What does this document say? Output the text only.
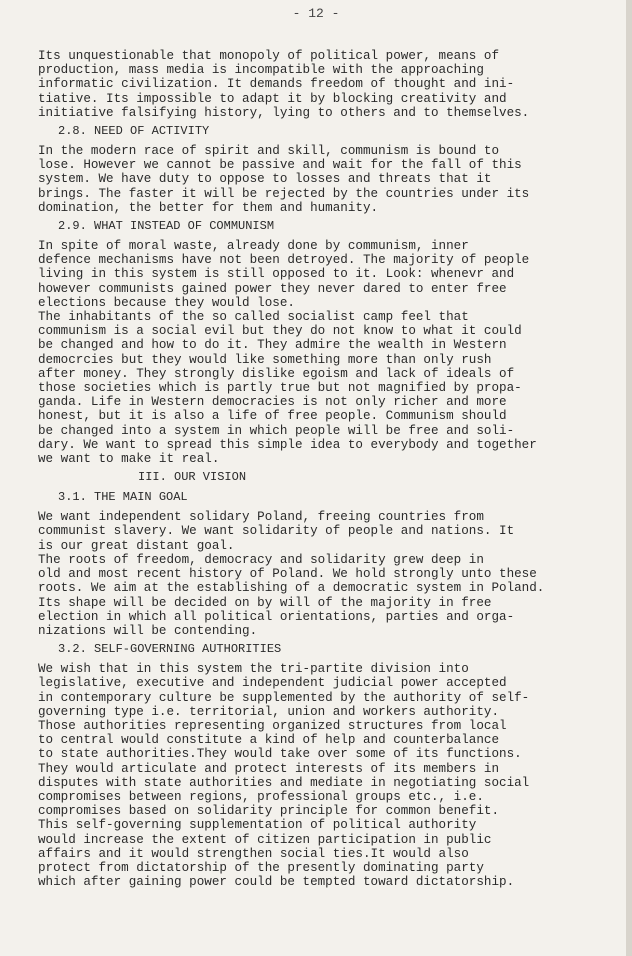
- 12 -
Its unquestionable that monopoly of political power, means of
production, mass media is incompatible with the approaching
informatic civilization. It demands freedom of thought and ini-
tiative. Its impossible to adapt it by blocking creativity and
initiative falsifying history, lying to others and to themselves.
2.8. NEED OF ACTIVITY
In the modern race of spirit and skill, communism is bound to
lose. However we cannot be passive and wait for the fall of this
system. We have duty to oppose to losses and threats that it
brings. The faster it will be rejected by the countries under its
domination, the better for them and humanity.
2.9. WHAT INSTEAD OF COMMUNISM
In spite of moral waste, already done by communism, inner
defence mechanisms have not been detroyed. The majority of people
living in this system is still opposed to it. Look: whenevr and
however communists gained power they never dared to enter free
elections because they would lose.
The inhabitants of the so called socialist camp feel that
communism is a social evil but they do not know to what it could
be changed and how to do it. They admire the wealth in Western
democrcies but they would like something more than only rush
after money. They strongly dislike egoism and lack of ideals of
those societies which is partly true but not magnified by propa-
ganda. Life in Western democracies is not only richer and more
honest, but it is also a life of free people. Communism should
be changed into a system in which people will be free and soli-
dary. We want to spread this simple idea to everybody and together
we want to make it real.
III. OUR VISION
3.1. THE MAIN GOAL
We want independent solidary Poland, freeing countries from
communist slavery. We want solidarity of people and nations. It
is our great distant goal.
The roots of freedom, democracy and solidarity grew deep in
old and most recent history of Poland. We hold strongly unto these
roots. We aim at the establishing of a democratic system in Poland.
Its shape will be decided on by will of the majority in free
election in which all political orientations, parties and orga-
nizations will be contending.
3.2. SELF-GOVERNING AUTHORITIES
We wish that in this system the tri-partite division into
legislative, executive and independent judicial power accepted
in contemporary culture be supplemented by the authority of self-
governing type i.e. territorial, union and workers authority.
Those authorities representing organized structures from local
to central would constitute a kind of help and counterbalance
to state authorities.They would take over some of its functions.
They would articulate and protect interests of its members in
disputes with state authorities and mediate in negotiating social
compromises between regions, professional groups etc., i.e.
compromises based on solidarity principle for common benefit.
This self-governing supplementation of political authority
would increase the extent of citizen participation in public
affairs and it would strengthen social ties.It would also
protect from dictatorship of the presently dominating party
which after gaining power could be tempted toward dictatorship.
